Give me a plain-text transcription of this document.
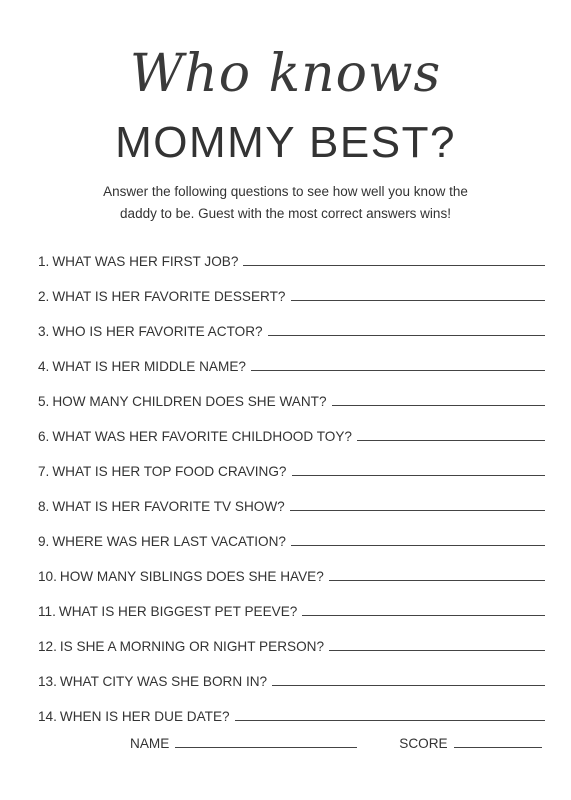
Who knows
MOMMY BEST?
Answer the following questions to see how well you know the
daddy to be. Guest with the most correct answers wins!
1. WHAT WAS HER FIRST JOB?
2. WHAT IS HER FAVORITE DESSERT?
3. WHO IS HER FAVORITE ACTOR?
4. WHAT IS HER MIDDLE NAME?
5. HOW MANY CHILDREN DOES SHE WANT?
6. WHAT WAS HER FAVORITE CHILDHOOD TOY?
7. WHAT IS HER TOP FOOD CRAVING?
8. WHAT IS HER FAVORITE TV SHOW?
9. WHERE WAS HER LAST VACATION?
10. HOW MANY SIBLINGS DOES SHE HAVE?
11. WHAT IS HER BIGGEST PET PEEVE?
12. IS SHE A MORNING OR NIGHT PERSON?
13. WHAT CITY WAS SHE BORN IN?
14. WHEN IS HER DUE DATE?
NAME	SCORE
